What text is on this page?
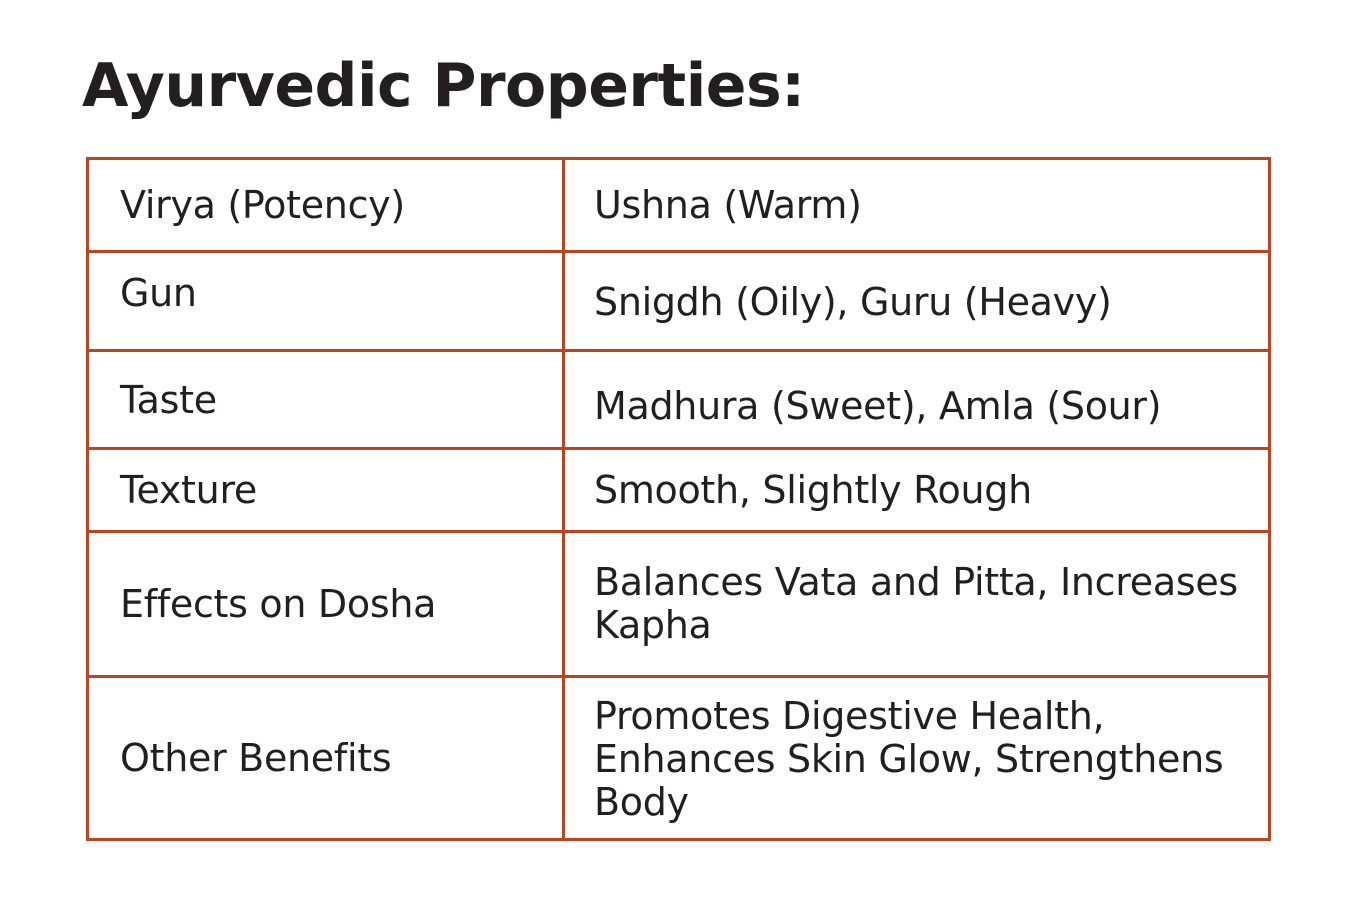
Ayurvedic Properties:
Virya (Potency)	Ushna (Warm)

Gun	Snigdh (Oily), Guru (Heavy)

Taste	Madhura (Sweet), Amla (Sour)

Texture	Smooth, Slightly Rough

Effects on Dosha	Balances Vata and Pitta, Increases Kapha

Other Benefits	Promotes Digestive Health, Enhances Skin Glow, Strengthens Body
